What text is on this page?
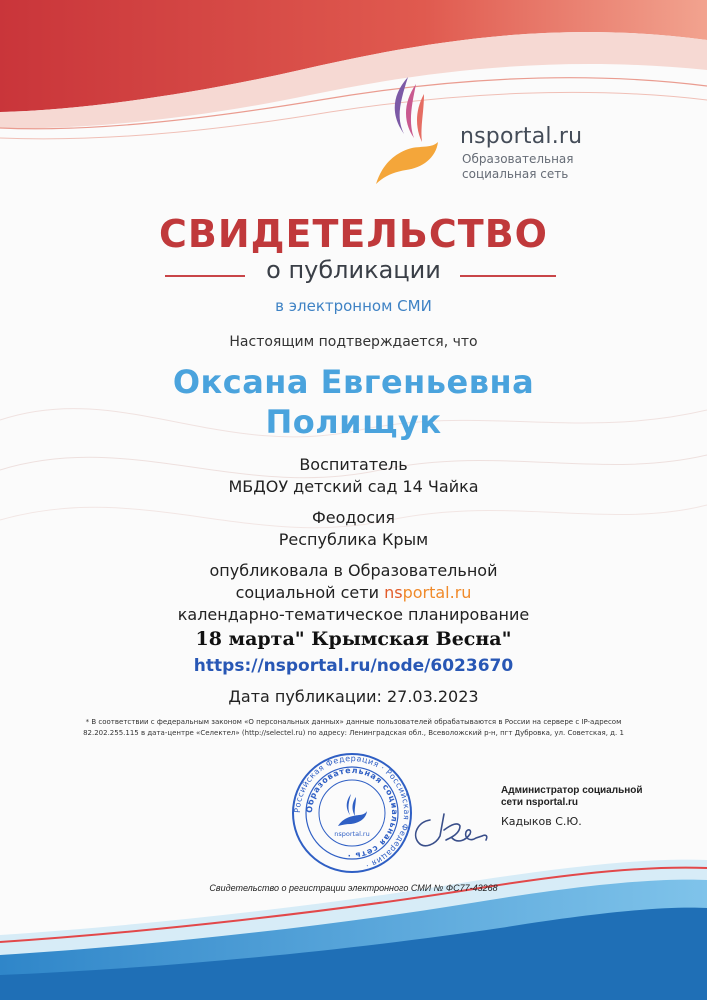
nsportal.ru
Образовательная
социальная сеть
СВИДЕТЕЛЬСТВО
о публикации
в электронном СМИ
Настоящим подтверждается, что
Оксана Евгеньевна
Полищук
Воспитатель
МБДОУ детский сад 14 Чайка
Феодосия
Республика Крым
опубликовала в Образовательной
социальной сети nsportal.ru
календарно-тематическое планирование
18 марта" Крымская Весна"
https://nsportal.ru/node/6023670
Дата публикации: 27.03.2023
* В соответствии с федеральным законом «О персональных данных» данные пользователей обрабатываются в России на сервере с IP-адресом
82.202.255.115 в дата-центре «Селектел» (http://selectel.ru) по адресу: Ленинградская обл., Всеволожский р-н, пгт Дубровка, ул. Советская, д. 1
Российская Федерация · Российская Федерация ·
Образовательная социальная сеть ·
nsportal.ru
Администратор социальной
сети nsportal.ru
Кадыков С.Ю.
Свидетельство о регистрации электронного СМИ № ФС77-43268
